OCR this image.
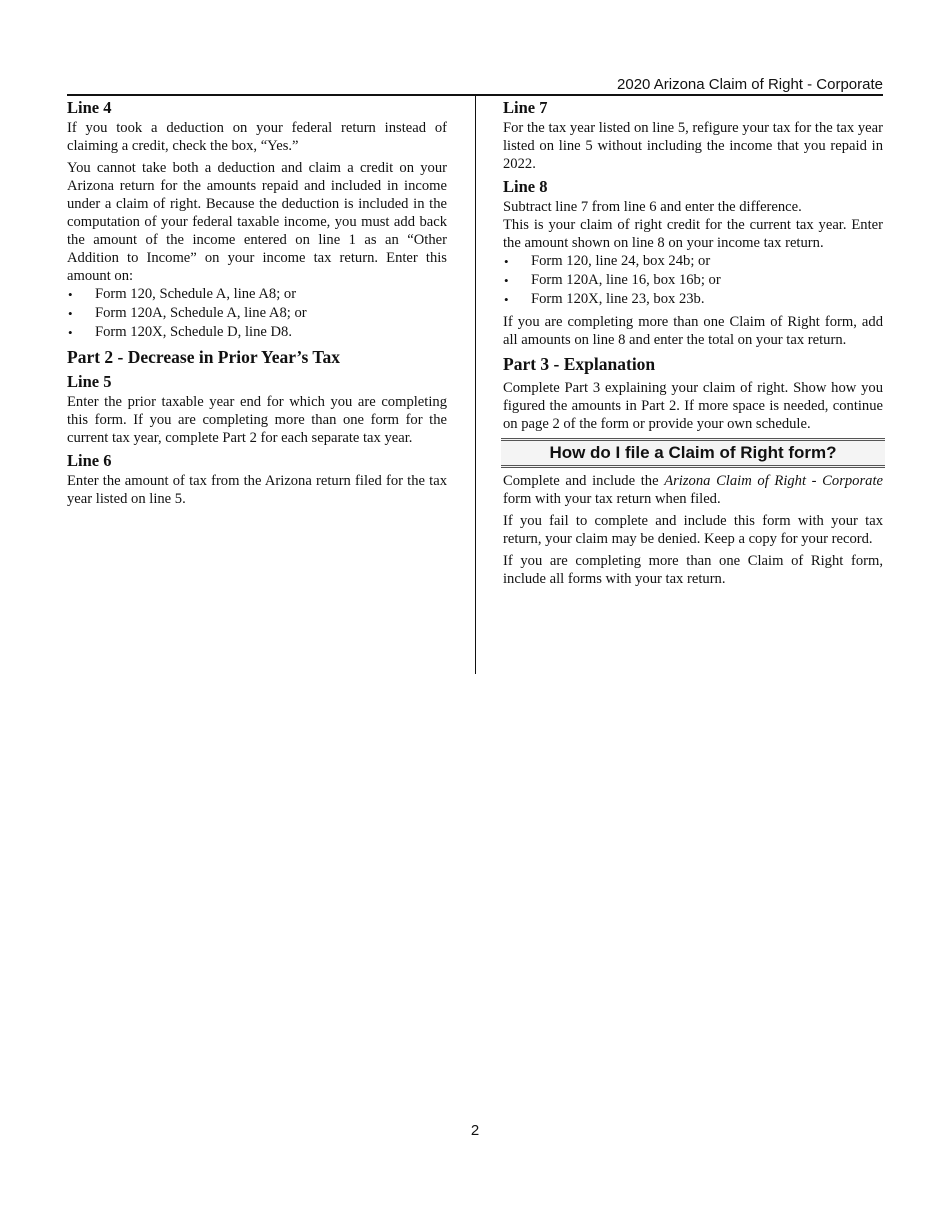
2020 Arizona Claim of Right - Corporate
Line 4

If you took a deduction on your federal return instead of claiming a credit, check the box, “Yes.”

You cannot take both a deduction and claim a credit on your Arizona return for the amounts repaid and included in income under a claim of right. Because the deduction is included in the computation of your federal taxable income, you must add back the amount of the income entered on line 1 as an “Other Addition to Income” on your income tax return. Enter this amount on:

• Form 120, Schedule A, line A8; or
• Form 120A, Schedule A, line A8; or
• Form 120X, Schedule D, line D8.
Part 2 - Decrease in Prior Year’s Tax
Line 5

Enter the prior taxable year end for which you are completing this form. If you are completing more than one form for the current tax year, complete Part 2 for each separate tax year.

Line 6

Enter the amount of tax from the Arizona return filed for the tax year listed on line 5.

Line 7

For the tax year listed on line 5, refigure your tax for the tax year listed on line 5 without including the income that you repaid in 2022.

Line 8

Subtract line 7 from line 6 and enter the difference.

This is your claim of right credit for the current tax year. Enter the amount shown on line 8 on your income tax return.

• Form 120, line 24, box 24b; or
• Form 120A, line 16, box 16b; or
• Form 120X, line 23, box 23b.

If you are completing more than one Claim of Right form, add all amounts on line 8 and enter the total on your tax return.

Part 3 - Explanation

Complete Part 3 explaining your claim of right. Show how you figured the amounts in Part 2. If more space is needed, continue on page 2 of the form or provide your own schedule.

How do I file a Claim of Right form?

Complete and include the Arizona Claim of Right - Corporate form with your tax return when filed.

If you fail to complete and include this form with your tax return, your claim may be denied. Keep a copy for your record.

If you are completing more than one Claim of Right form, include all forms with your tax return.

2
